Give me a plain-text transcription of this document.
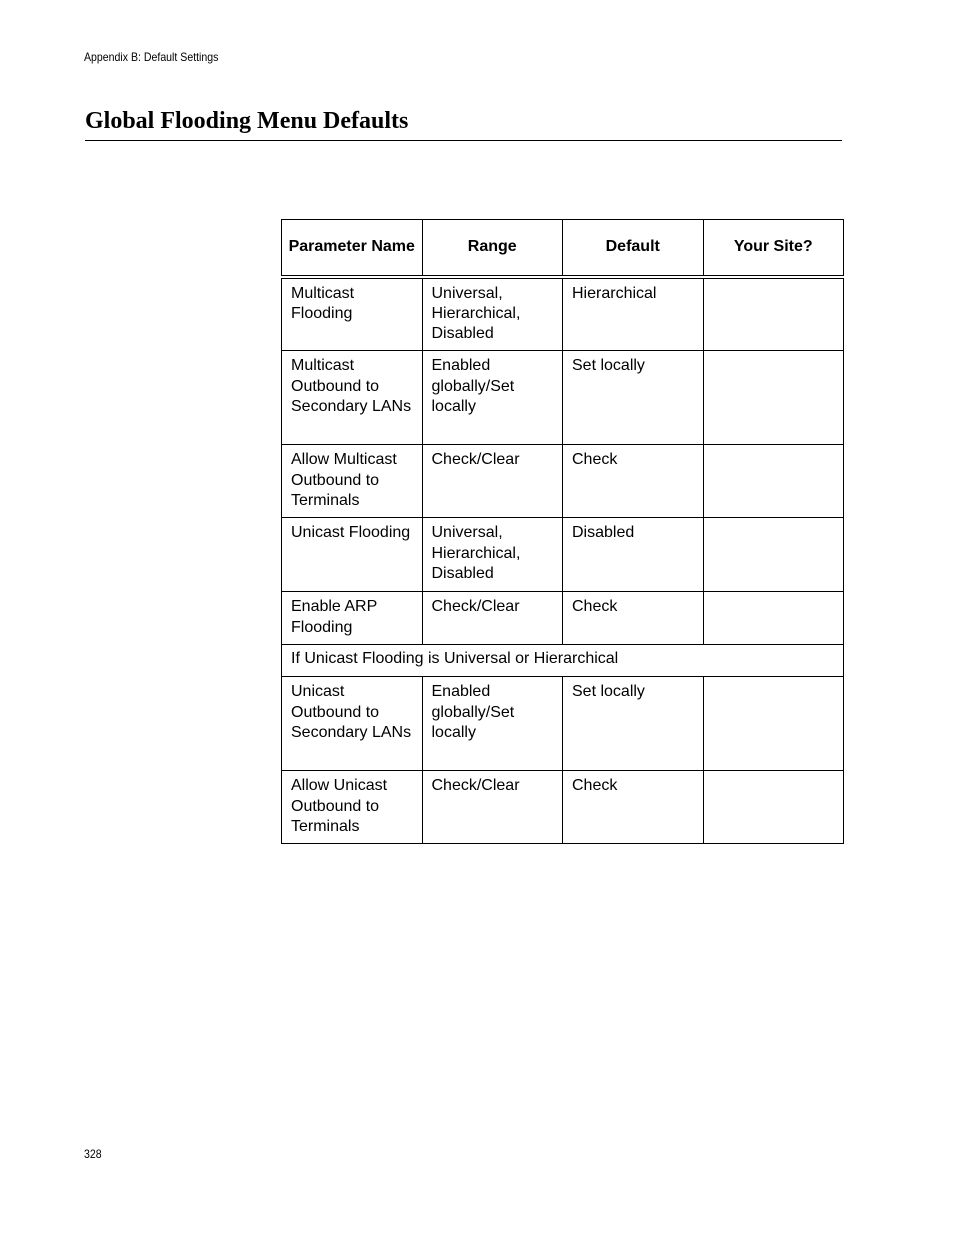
Appendix B: Default Settings
Global Flooding Menu Defaults
Parameter Name	Range	Default	Your Site?
Multicast Flooding	Universal, Hierarchical, Disabled	Hierarchical	
Multicast Outbound to Secondary LANs	Enabled globally/Set locally	Set locally	
Allow Multicast Outbound to Terminals	Check/Clear	Check	
Unicast Flooding	Universal, Hierarchical, Disabled	Disabled	
Enable ARP Flooding	Check/Clear	Check	
If Unicast Flooding is Universal or Hierarchical			
Unicast Outbound to Secondary LANs	Enabled globally/Set locally	Set locally	
Allow Unicast Outbound to Terminals	Check/Clear	Check	
328
